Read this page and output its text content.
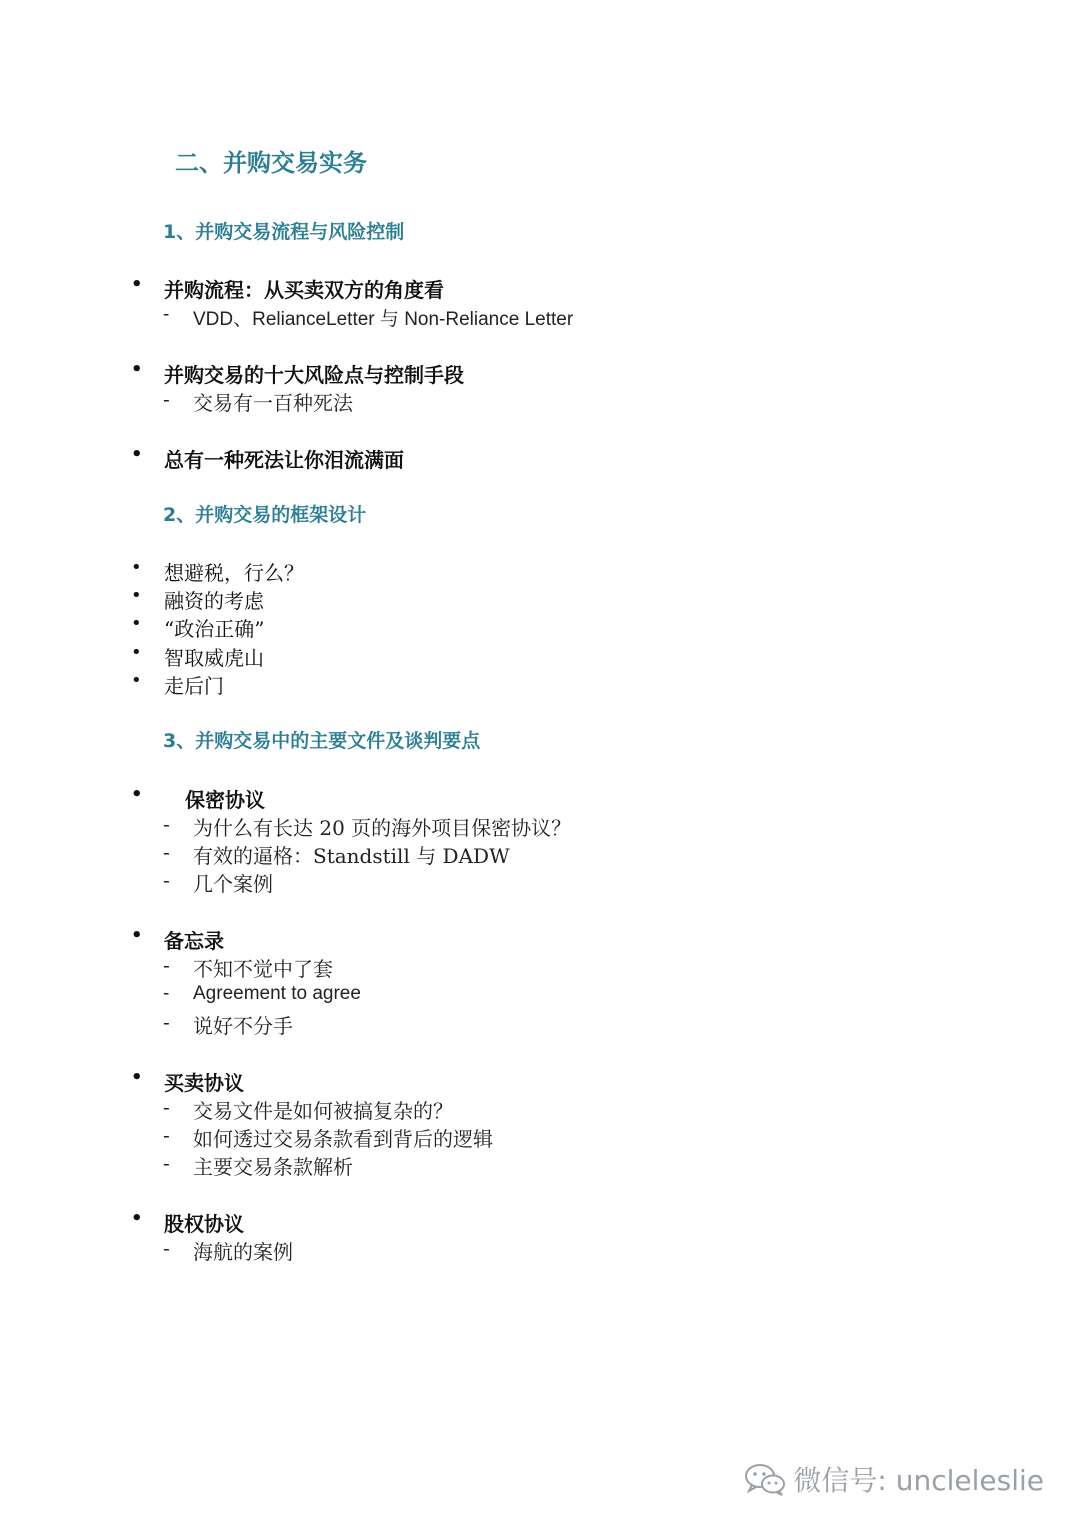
二、并购交易实务
1、并购交易流程与风险控制
• 并购流程：从买卖双方的角度看
- VDD、RelianceLetter 与 Non-Reliance Letter
• 并购交易的十大风险点与控制手段
- 交易有一百种死法
• 总有一种死法让你泪流满面
2、并购交易的框架设计
• 想避税，行么？
• 融资的考虑
• “政治正确”
• 智取威虎山
• 走后门
3、并购交易中的主要文件及谈判要点
• 保密协议
- 为什么有长达 20 页的海外项目保密协议？
- 有效的逼格：Standstill 与 DADW
- 几个案例
• 备忘录
- 不知不觉中了套
- Agreement to agree
- 说好不分手
• 买卖协议
- 交易文件是如何被搞复杂的？
- 如何透过交易条款看到背后的逻辑
- 主要交易条款解析
• 股权协议
- 海航的案例
微信号: uncleleslie
